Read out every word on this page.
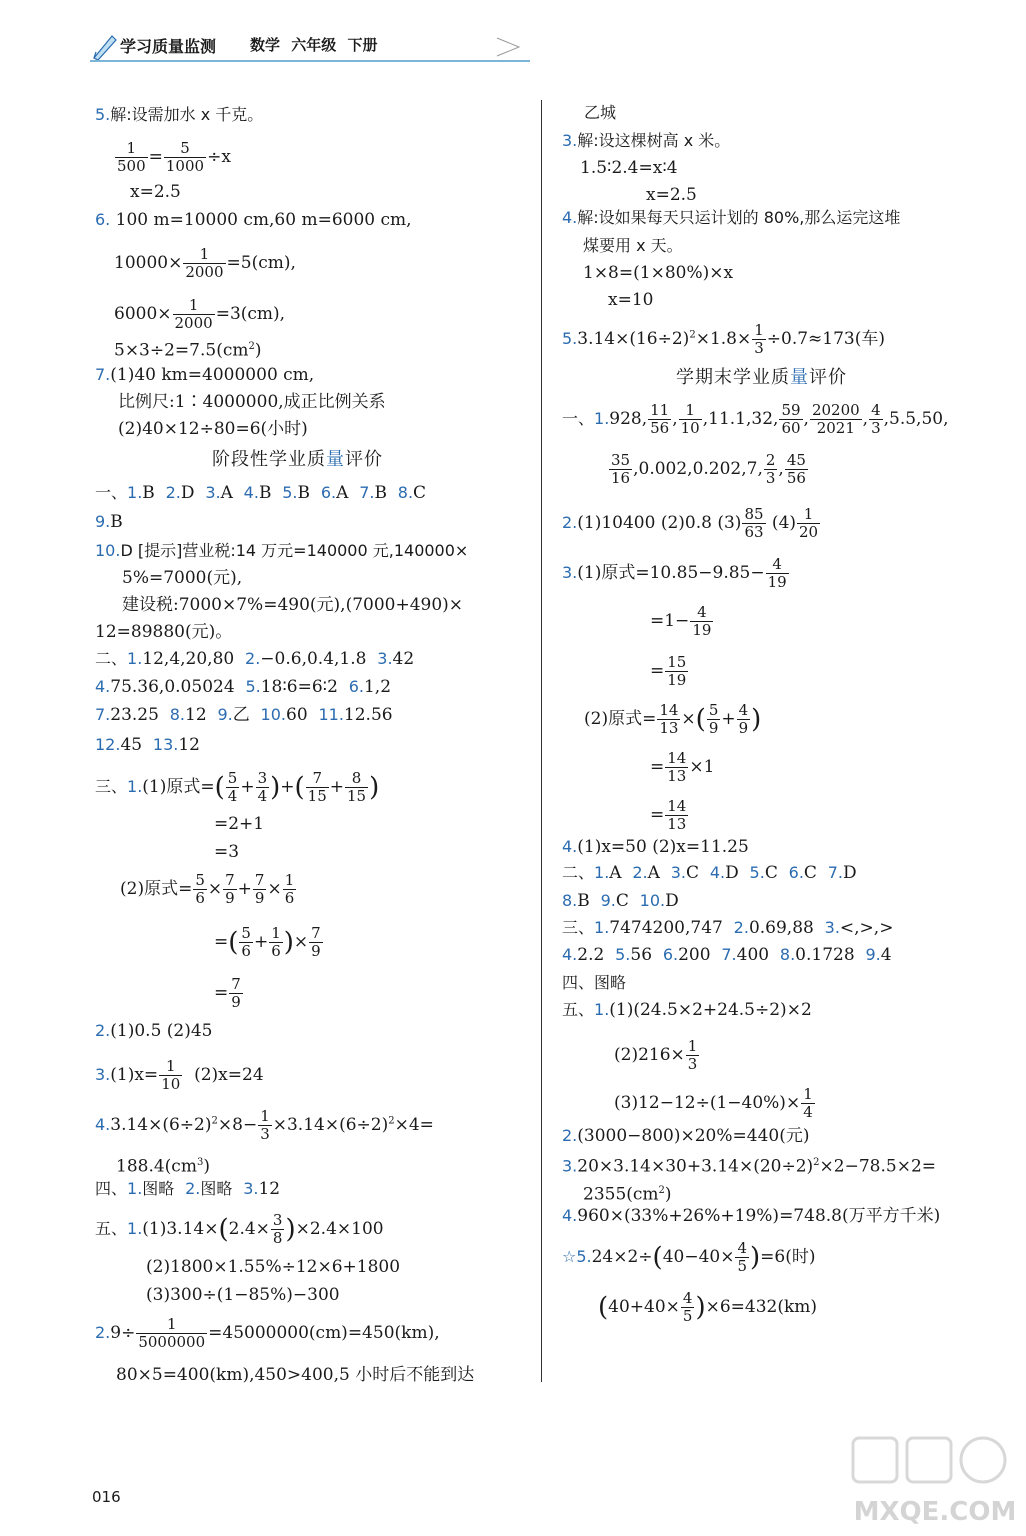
学习质量监测 数学 六年级 下册
5.解:设需加水 x 千克。
$\frac{1}{500} = \frac{5}{1000} \div x$
x=2.5
6. 100 m=10000 cm,60 m=6000 cm,
$10000\times \frac{1}{2000} =5(cm)$,
$6000\times \frac{1}{2000} =3(cm)$,
$5\times 3\div 2=7.5(cm^2)$
7.(1)40 km=4000000 cm,
比例尺:1∶4000000,成正比例关系
(2)40×12÷80=6(小时)
阶段性学业质量评价
一、1.B 2.D 3.A 4.B 5.B 6.A 7.B 8.C
9.B
10.D [提示]营业税:14 万元=140000 元,140000×
5%=7000(元),
建设税:7000×7%=490(元),(7000+490)×
12=89880(元)。
二、1.12,4,20,80 2.−0.6,0.4,1.8 3.42
4.75.36,0.05024 5.18∶6=6∶2 6.1,2
7.23.25 8.12 9.乙 10.60 11.12.56
12.45 13.12
三、1.(1)原式=( $\frac{5}{4} + \frac{3}{4}$ )+( $\frac{7}{15} + \frac{8}{15}$ )
=2+1
=3
(2)原式= $\frac{5}{6} \times \frac{7}{9} + \frac{7}{9} \times \frac{1}{6}$
=( $\frac{5}{6} + \frac{1}{6}$ )× $\frac{7}{9}$
= $\frac{7}{9}$
2.(1)0.5 (2)45
$3.(1)x= \frac{1}{10} (2)x=24$
$4.3.14\times(6\div 2)^2\times 8- \frac{1}{3} \times 3.14\times(6\div 2)^2\times 4=$
$188.4(cm^3)$
四、1.图略 2.图略 3.12
五、$1.(1)3.14\times(2.4\times \frac{3}{8} )\times 2.4\times 100$
(2)1800×1.55%÷12×6+1800
(3)300÷(1−85%)−300
$2.9\div \frac{1}{5000000} =45000000(cm)=450(km)$,
80×5=400(km),450>400,5 小时后不能到达
乙城
3.解:设这棵树高 x 米。
1.5∶2.4=x∶4
x=2.5
4.解:设如果每天只运计划的 80%,那么运完这堆
煤要用 x 天。
1×8=(1×80%)×x
x=10
$5.3.14\times(16\div 2)^2\times 1.8\times \frac{1}{3} \div 0.7\approx 173$(车)
学期末学业质量评价
一、1.928, $\frac{11}{56}$ , $\frac{1}{10} ,11.1,32$, $\frac{59}{60}$ , $\frac{20200}{2021}$ , $\frac{4}{3} ,5.5,50$,
$\frac{35}{16} ,0.002,0.202,7$, $\frac{2}{3}$ , $\frac{45}{56}$
2.(1)10400 (2)0.8 $(3) \frac{85}{63} (4) \frac{1}{20}$
3.(1)原式$=10.85-9.85- \frac{4}{19}$
$=1- \frac{4}{19}$
= $\frac{15}{19}$
(2)原式= $\frac{14}{13}$ ×( $\frac{5}{9} + \frac{4}{9}$ )
= $\frac{14}{13} \times 1$
= $\frac{14}{13}$
4.(1)x=50 (2)x=11.25
二、1.A 2.A 3.C 4.D 5.C 6.C 7.D
8.B 9.C 10.D
三、1.7474200,747 2.0.69,88 3.<,>,>
4.2.2 5.56 6.200 7.400 8.0.1728 9.4
四、图略
五、1.(1)(24.5×2+24.5÷2)×2
$(2)216\times \frac{1}{3}$
$(3)12-12\div(1-40\%)\times \frac{1}{4}$
2.(3000−800)×20%=440(元)
$3.20\times 3.14\times 30+3.14\times(20\div 2)^2\times 2-78.5\times 2=$
$2355(cm^2)$
4.960×(33%+26%+19%)=748.8(万平方千米)
☆5.24×2÷(40−40× $\frac{4}{5} )=6$(时)
$(40+40\times \frac{4}{5} )\times 6=432(km)$
016	MXQE.COM
